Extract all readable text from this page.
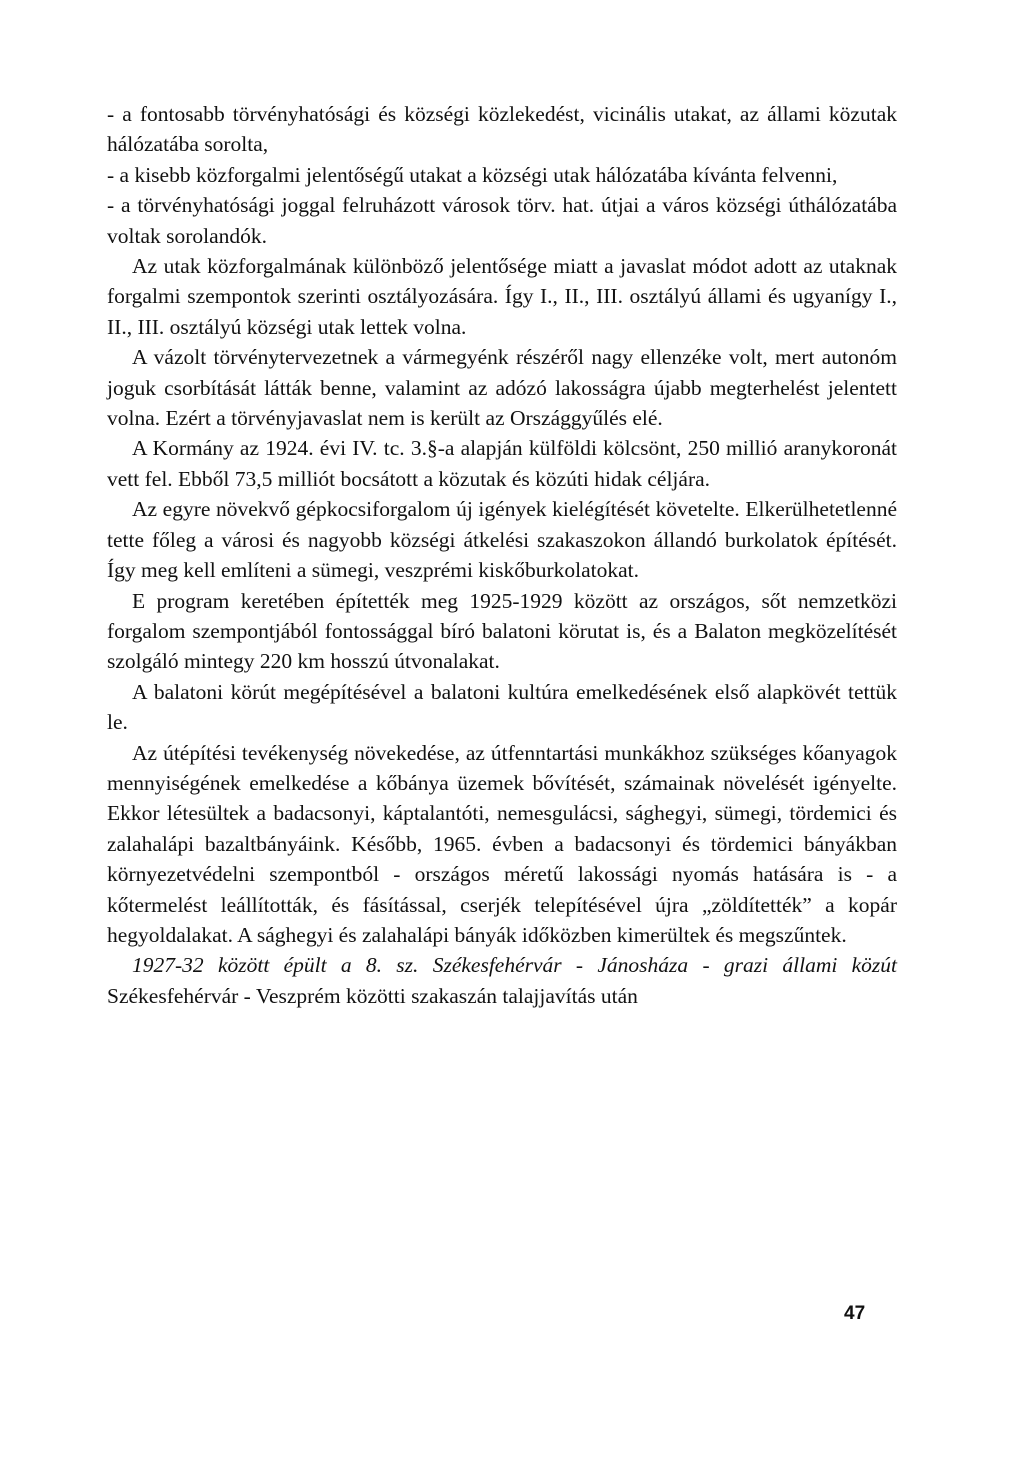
- a fontosabb törvényhatósági és községi közlekedést, vicinális utakat, az állami közutak hálózatába sorolta,

- a kisebb közforgalmi jelentőségű utakat a községi utak hálózatába kívánta felvenni,

- a törvényhatósági joggal felruházott városok törv. hat. útjai a város községi úthálózatába voltak sorolandók.

Az utak közforgalmának különböző jelentősége miatt a javaslat módot adott az utaknak forgalmi szempontok szerinti osztályozására. Így I., II., III. osztályú állami és ugyanígy I., II., III. osztályú községi utak lettek volna.

A vázolt törvénytervezetnek a vármegyénk részéről nagy ellenzéke volt, mert autonóm joguk csorbítását látták benne, valamint az adózó lakosságra újabb megterhelést jelentett volna. Ezért a törvényjavaslat nem is került az Országgyűlés elé.

A Kormány az 1924. évi IV. tc. 3.§-a alapján külföldi kölcsönt, 250 millió aranykoronát vett fel. Ebből 73,5 milliót bocsátott a közutak és közúti hidak céljára.

Az egyre növekvő gépkocsiforgalom új igények kielégítését követelte. Elkerülhetetlenné tette főleg a városi és nagyobb községi átkelési szakaszokon állandó burkolatok építését. Így meg kell említeni a sümegi, veszprémi kiskőburkolatokat.

E program keretében építették meg 1925-1929 között az országos, sőt nemzetközi forgalom szempontjából fontossággal bíró balatoni körutat is, és a Balaton megközelítését szolgáló mintegy 220 km hosszú útvonalakat.

A balatoni körút megépítésével a balatoni kultúra emelkedésének első alapkövét tettük le.

Az útépítési tevékenység növekedése, az útfenntartási munkákhoz szükséges kőanyagok mennyiségének emelkedése a kőbánya üzemek bővítését, számainak növelését igényelte. Ekkor létesültek a badacsonyi, káptalantóti, nemesgulácsi, sághegyi, sümegi, tördemici és zalahalápi bazaltbányáink. Később, 1965. évben a badacsonyi és tördemici bányákban környezetvédelni szempontból - országos méretű lakossági nyomás hatására is - a kőtermelést leállították, és fásítással, cserjék telepítésével újra „zöldítették” a kopár hegyoldalakat. A sághegyi és zalahalápi bányák időközben kimerültek és megszűntek.

1927-32 között épült a 8. sz. Székesfehérvár - Jánosháza - grazi állami közút Székesfehérvár - Veszprém közötti szakaszán talajjavítás után

47
